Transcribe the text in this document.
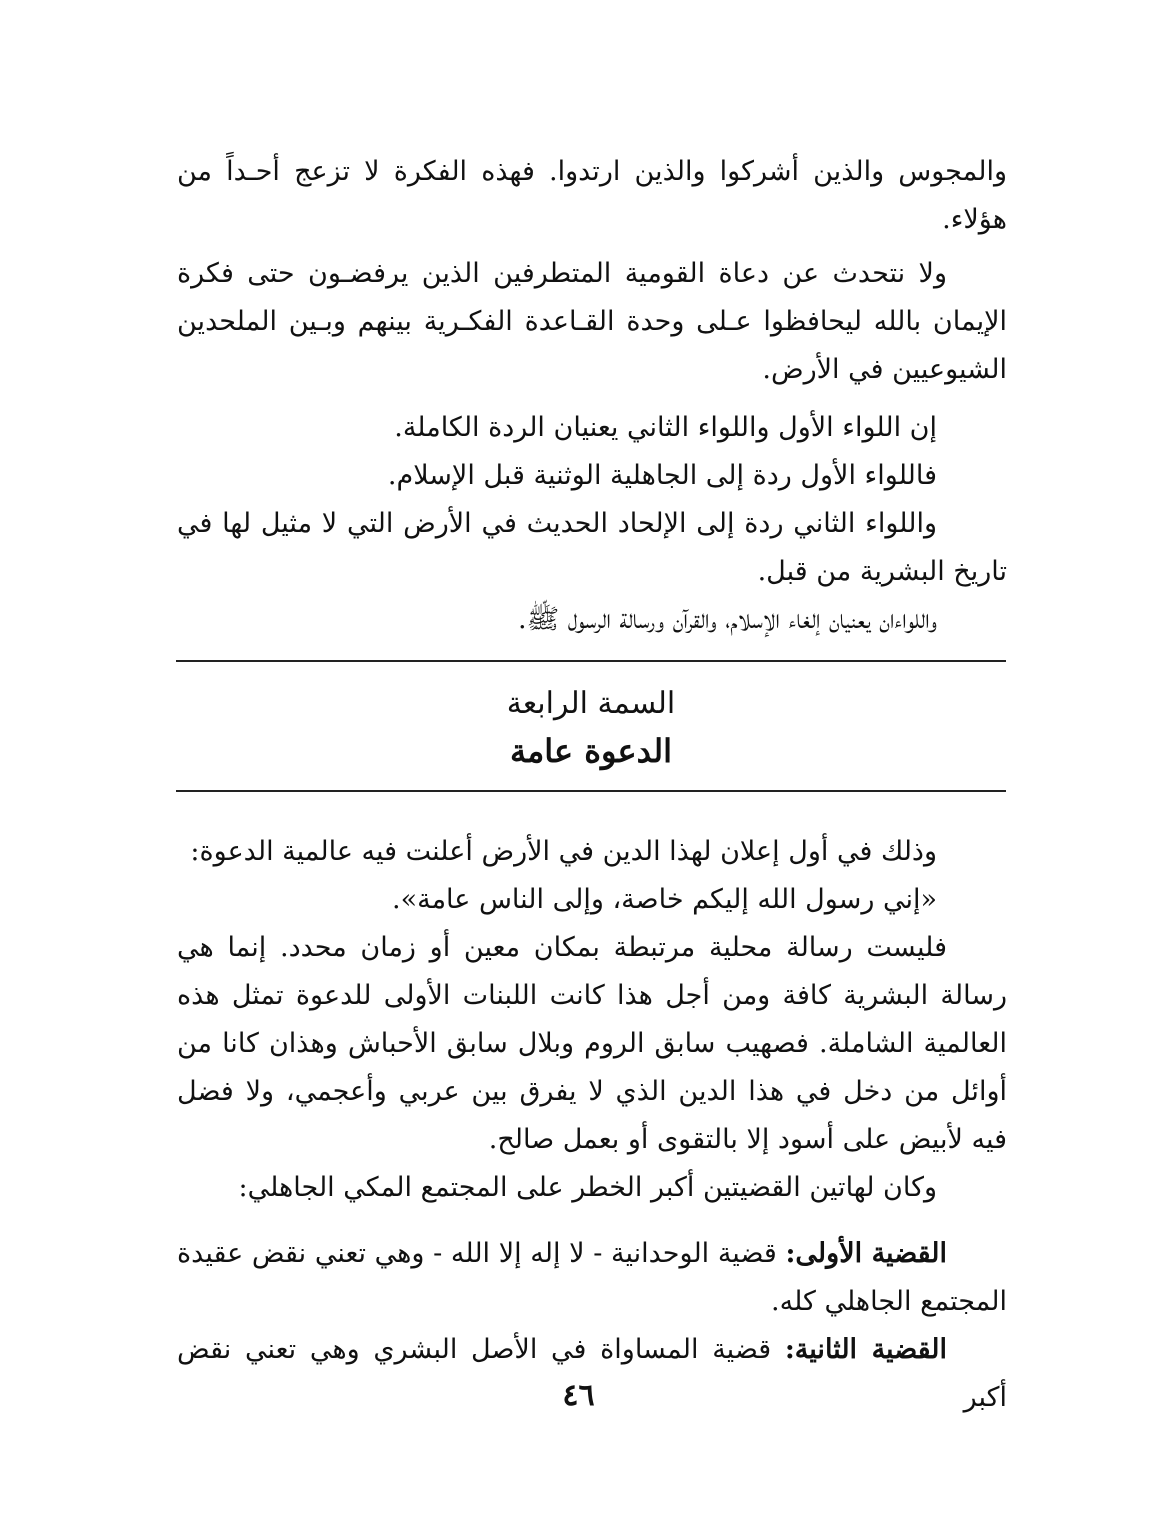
والمجوس والذين أشركوا والذين ارتدوا. فهذه الفكرة لا تزعج أحـداً من هؤلاء.

ولا نتحدث عن دعاة القومية المتطرفين الذين يرفضـون حتى فكرة الإيمان بالله ليحافظوا عـلى وحدة القـاعدة الفكـرية بينهم وبـين الملحدين الشيوعيين في الأرض.

إن اللواء الأول واللواء الثاني يعنيان الردة الكاملة.

فاللواء الأول ردة إلى الجاهلية الوثنية قبل الإسلام.

واللواء الثاني ردة إلى الإلحاد الحديث في الأرض التي لا مثيل لها في تاريخ البشرية من قبل.

واللواءان يعنيان إلغاء الإسلام، والقرآن ورسالة الرسول ﷺ.

السمة الرابعة
الدعوة عامة

وذلك في أول إعلان لهذا الدين في الأرض أعلنت فيه عالمية الدعوة:

«إني رسول الله إليكم خاصة، وإلى الناس عامة».

فليست رسالة محلية مرتبطة بمكان معين أو زمان محدد. إنما هي رسالة البشرية كافة ومن أجل هذا كانت اللبنات الأولى للدعوة تمثل هذه العالمية الشاملة. فصهيب سابق الروم وبلال سابق الأحباش وهذان كانا من أوائل من دخل في هذا الدين الذي لا يفرق بين عربي وأعجمي، ولا فضل فيه لأبيض على أسود إلا بالتقوى أو بعمل صالح.

وكان لهاتين القضيتين أكبر الخطر على المجتمع المكي الجاهلي:

القضية الأولى: قضية الوحدانية - لا إله إلا الله - وهي تعني نقض عقيدة المجتمع الجاهلي كله.

القضية الثانية: قضية المساواة في الأصل البشري وهي تعني نقض أكبر

٤٦
